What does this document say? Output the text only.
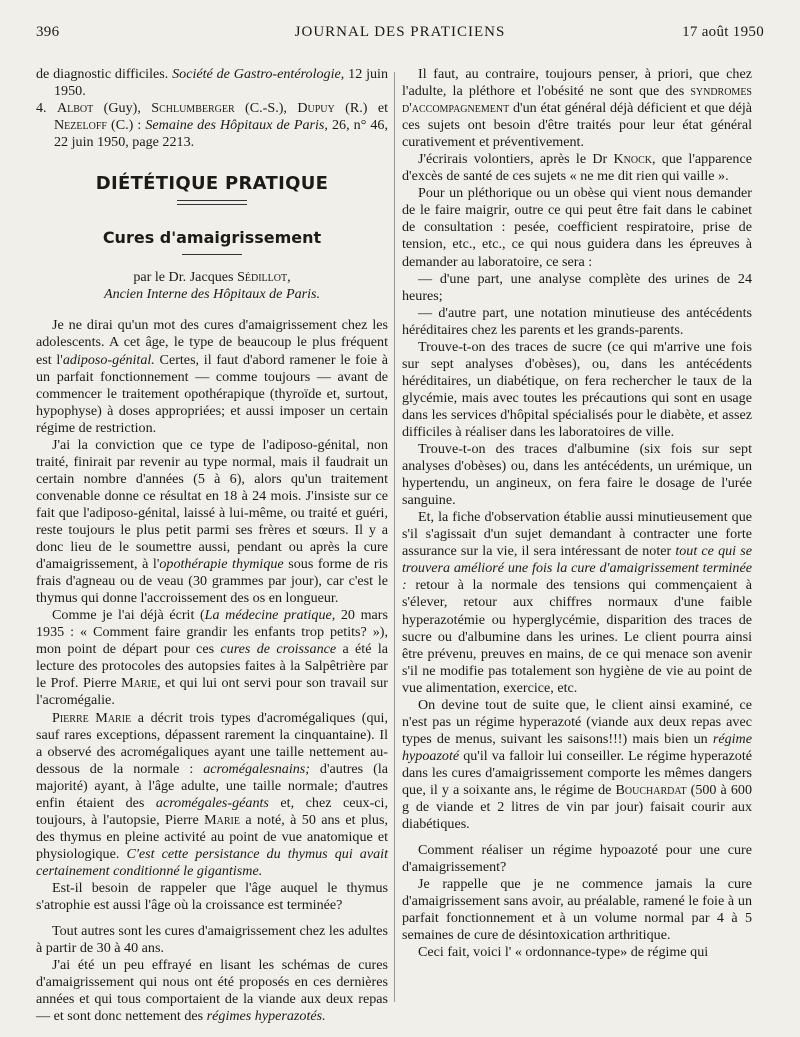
396	JOURNAL DES PRATICIENS	17 août 1950

de diagnostic difficiles. Société de Gastro-entérologie, 12 juin 1950.

4. Albot (Guy), Schlumberger (C.-S.), Dupuy (R.) et Nezeloff (C.) : Semaine des Hôpitaux de Paris, 26, n° 46, 22 juin 1950, page 2213.

DIÉTÉTIQUE PRATIQUE
Cures d'amaigrissement

par le Dr. Jacques Sédillot,

Ancien Interne des Hôpitaux de Paris.

Je ne dirai qu'un mot des cures d'amaigrissement chez les adolescents. A cet âge, le type de beaucoup le plus fréquent est l'adiposo-génital. Certes, il faut d'abord ramener le foie à un parfait fonctionnement — comme toujours — avant de commencer le traitement opothérapique (thyroïde et, surtout, hypophyse) à doses appropriées; et aussi imposer un certain régime de restriction.

J'ai la conviction que ce type de l'adiposo-génital, non traité, finirait par revenir au type normal, mais il faudrait un certain nombre d'années (5 à 6), alors qu'un traitement convenable donne ce résultat en 18 à 24 mois. J'insiste sur ce fait que l'adiposo-génital, laissé à lui-même, ou traité et guéri, reste toujours le plus petit parmi ses frères et sœurs. Il y a donc lieu de le soumettre aussi, pendant ou après la cure d'amaigrissement, à l'opothérapie thymique sous forme de ris frais d'agneau ou de veau (30 grammes par jour), car c'est le thymus qui donne l'accroissement des os en longueur.

Comme je l'ai déjà écrit (La médecine pratique, 20 mars 1935 : « Comment faire grandir les enfants trop petits? »), mon point de départ pour ces cures de croissance a été la lecture des protocoles des autopsies faites à la Salpêtrière par le Prof. Pierre Marie, et qui lui ont servi pour son travail sur l'acromégalie.

Pierre Marie a décrit trois types d'acromégaliques (qui, sauf rares exceptions, dépassent rarement la cinquantaine). Il a observé des acromégaliques ayant une taille nettement au-dessous de la normale : acromégalesnains; d'autres (la majorité) ayant, à l'âge adulte, une taille normale; d'autres enfin étaient des acromégales-géants et, chez ceux-ci, toujours, à l'autopsie, Pierre Marie a noté, à 50 ans et plus, des thymus en pleine activité au point de vue anatomique et physiologique. C'est cette persistance du thymus qui avait certainement conditionné le gigantisme.

Est-il besoin de rappeler que l'âge auquel le thymus s'atrophie est aussi l'âge où la croissance est terminée?

Tout autres sont les cures d'amaigrissement chez les adultes à partir de 30 à 40 ans.

J'ai été un peu effrayé en lisant les schémas de cures d'amaigrissement qui nous ont été proposés en ces dernières années et qui tous comportaient de la viande aux deux repas — et sont donc nettement des régimes hyperazotés.

Il faut, au contraire, toujours penser, à priori, que chez l'adulte, la pléthore et l'obésité ne sont que des syndromes d'accompagnement d'un état général déjà déficient et que déjà ces sujets ont besoin d'être traités pour leur état général curativement et préventivement.

J'écrirais volontiers, après le Dr Knock, que l'apparence d'excès de santé de ces sujets « ne me dit rien qui vaille ».

Pour un pléthorique ou un obèse qui vient nous demander de le faire maigrir, outre ce qui peut être fait dans le cabinet de consultation : pesée, coefficient respiratoire, prise de tension, etc., etc., ce qui nous guidera dans les épreuves à demander au laboratoire, ce sera :

— d'une part, une analyse complète des urines de 24 heures;

— d'autre part, une notation minutieuse des antécédents héréditaires chez les parents et les grands-parents.

Trouve-t-on des traces de sucre (ce qui m'arrive une fois sur sept analyses d'obèses), ou, dans les antécédents héréditaires, un diabétique, on fera rechercher le taux de la glycémie, mais avec toutes les précautions qui sont en usage dans les services d'hôpital spécialisés pour le diabète, et assez difficiles à réaliser dans les laboratoires de ville.

Trouve-t-on des traces d'albumine (six fois sur sept analyses d'obèses) ou, dans les antécédents, un urémique, un hypertendu, un angineux, on fera faire le dosage de l'urée sanguine.

Et, la fiche d'observation établie aussi minutieusement que s'il s'agissait d'un sujet demandant à contracter une forte assurance sur la vie, il sera intéressant de noter tout ce qui se trouvera amélioré une fois la cure d'amaigrissement terminée : retour à la normale des tensions qui commençaient à s'élever, retour aux chiffres normaux d'une faible hyperazotémie ou hyperglycémie, disparition des traces de sucre ou d'albumine dans les urines. Le client pourra ainsi être prévenu, preuves en mains, de ce qui menace son avenir s'il ne modifie pas totalement son hygiène de vie au point de vue alimentation, exercice, etc.

On devine tout de suite que, le client ainsi examiné, ce n'est pas un régime hyperazoté (viande aux deux repas avec types de menus, suivant les saisons!!!) mais bien un régime hypoazoté qu'il va falloir lui conseiller. Le régime hyperazoté dans les cures d'amaigrissement comporte les mêmes dangers que, il y a soixante ans, le régime de Bouchardat (500 à 600 g de viande et 2 litres de vin par jour) faisait courir aux diabétiques.

Comment réaliser un régime hypoazoté pour une cure d'amaigrissement?

Je rappelle que je ne commence jamais la cure d'amaigrissement sans avoir, au préalable, ramené le foie à un parfait fonctionnement et à un volume normal par 4 à 5 semaines de cure de désintoxication arthritique.

Ceci fait, voici l' « ordonnance-type» de régime qui
